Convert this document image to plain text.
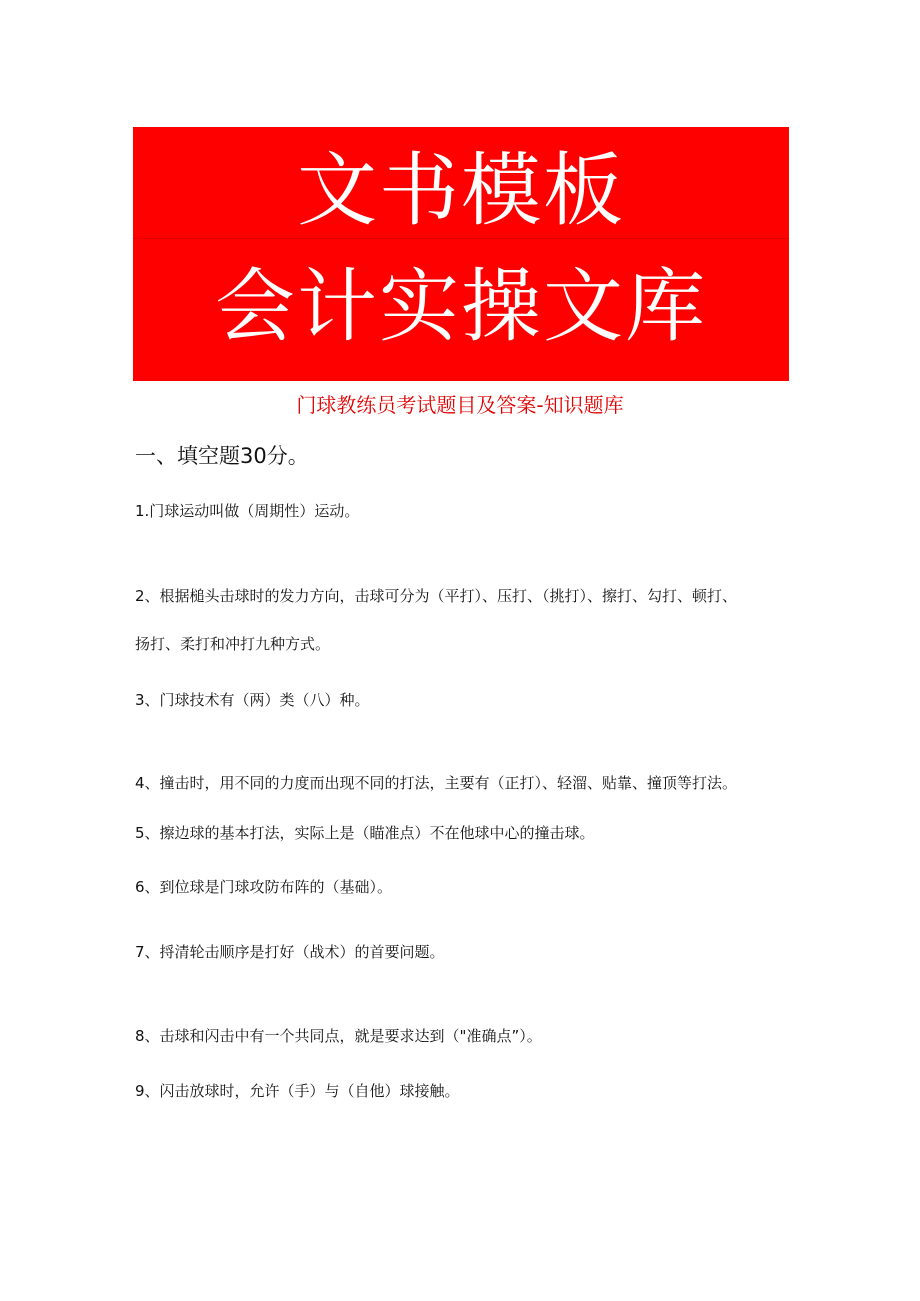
文书模板
会计实操文库
门球教练员考试题目及答案-知识题库
一、填空题30分。
1.门球运动叫做（周期性）运动。
2、根据槌头击球时的发力方向，击球可分为（平打）、压打、（挑打）、擦打、勾打、顿打、
扬打、柔打和冲打九种方式。
3、门球技术有（两）类（八）种。
4、撞击时，用不同的力度而出现不同的打法，主要有（正打）、轻溜、贴靠、撞顶等打法。
5、擦边球的基本打法，实际上是（瞄准点）不在他球中心的撞击球。
6、到位球是门球攻防布阵的（基础）。
7、捋清轮击顺序是打好（战术）的首要问题。
8、击球和闪击中有一个共同点，就是要求达到（"准确点”）。
9、闪击放球时，允许（手）与（自他）球接触。
